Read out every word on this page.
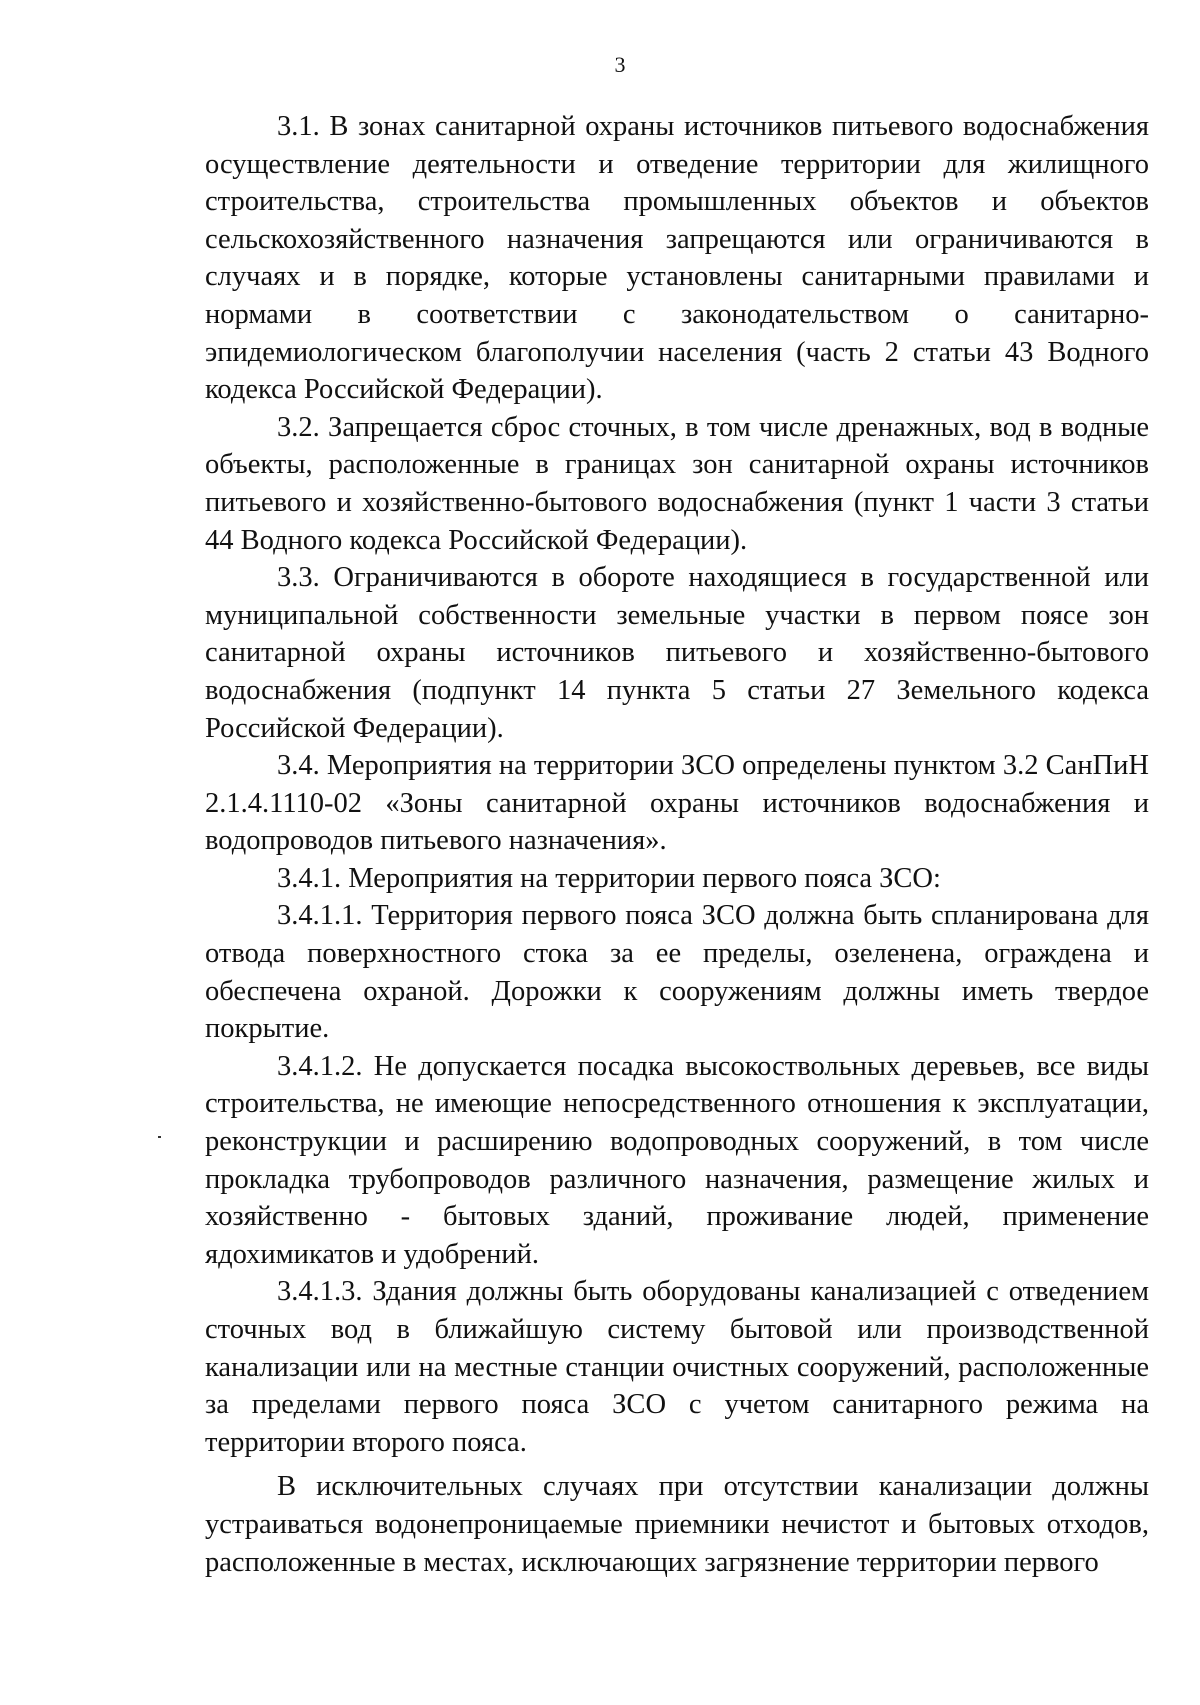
3

3.1. В зонах санитарной охраны источников питьевого водоснабжения осуществление деятельности и отведение территории для жилищного строительства, строительства промышленных объектов и объектов сельскохозяйственного назначения запрещаются или ограничиваются в случаях и в порядке, которые установлены санитарными правилами и нормами в соответствии с законодательством о санитарно-эпидемиологическом благополучии населения (часть 2 статьи 43 Водного кодекса Российской Федерации).

3.2. Запрещается сброс сточных, в том числе дренажных, вод в водные объекты, расположенные в границах зон санитарной охраны источников питьевого и хозяйственно-бытового водоснабжения (пункт 1 части 3 статьи 44 Водного кодекса Российской Федерации).

3.3. Ограничиваются в обороте находящиеся в государственной или муниципальной собственности земельные участки в первом поясе зон санитарной охраны источников питьевого и хозяйственно-бытового водоснабжения (подпункт 14 пункта 5 статьи 27 Земельного кодекса Российской Федерации).

3.4. Мероприятия на территории ЗСО определены пунктом 3.2 СанПиН 2.1.4.1110-02 «Зоны санитарной охраны источников водоснабжения и водопроводов питьевого назначения».

3.4.1. Мероприятия на территории первого пояса ЗСО:

3.4.1.1. Территория первого пояса ЗСО должна быть спланирована для отвода поверхностного стока за ее пределы, озеленена, ограждена и обеспечена охраной. Дорожки к сооружениям должны иметь твердое покрытие.

3.4.1.2. Не допускается посадка высокоствольных деревьев, все виды строительства, не имеющие непосредственного отношения к эксплуатации, реконструкции и расширению водопроводных сооружений, в том числе прокладка трубопроводов различного назначения, размещение жилых и хозяйственно - бытовых зданий, проживание людей, применение ядохимикатов и удобрений.

3.4.1.3. Здания должны быть оборудованы канализацией с отведением сточных вод в ближайшую систему бытовой или производственной канализации или на местные станции очистных сооружений, расположенные за пределами первого пояса ЗСО с учетом санитарного режима на территории второго пояса.

В исключительных случаях при отсутствии канализации должны устраиваться водонепроницаемые приемники нечистот и бытовых отходов, расположенные в местах, исключающих загрязнение территории первого
